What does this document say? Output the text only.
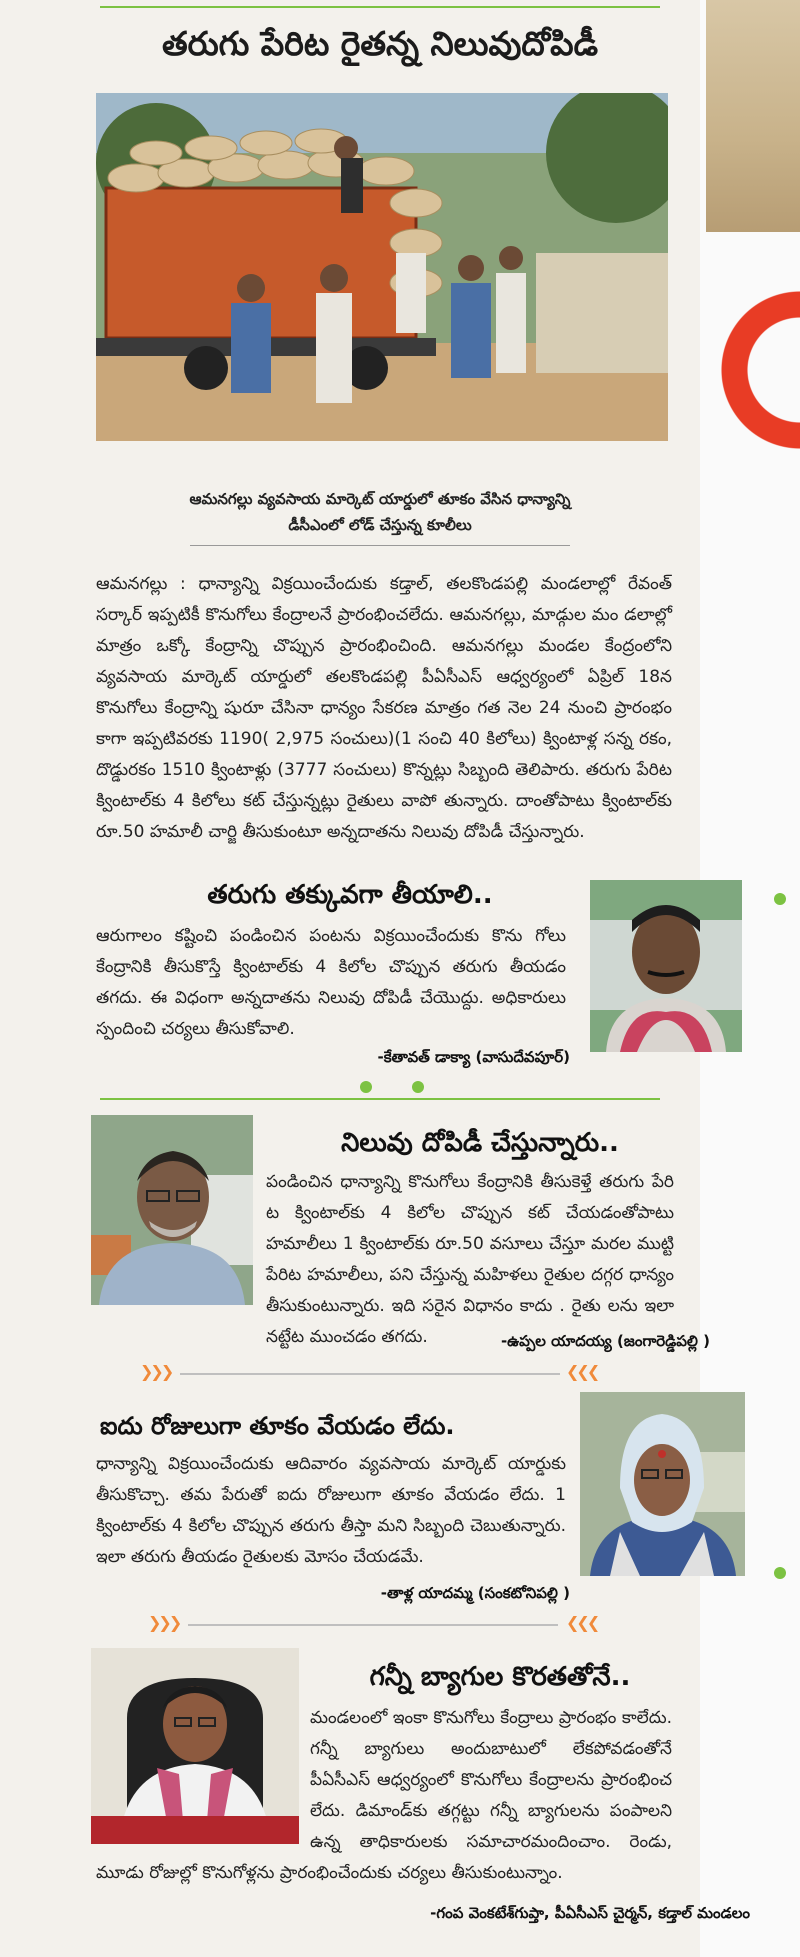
తరుగు పేరిట రైతన్న నిలువుదోపిడీ
ఆమనగల్లు వ్యవసాయ మార్కెట్ యార్డులో తూకం వేసిన ధాన్యాన్ని
డీసీఎంలో లోడ్ చేస్తున్న కూలీలు

ఆమనగల్లు : ధాన్యాన్ని విక్రయించేందుకు కడ్తాల్, తలకొండపల్లి మండలాల్లో రేవంత్ సర్కార్ ఇప్పటికీ కొనుగోలు కేంద్రాలనే ప్రారంభించలేదు. ఆమనగల్లు, మాడ్గుల మం డలాల్లో మాత్రం ఒక్కో కేంద్రాన్ని చొప్పున ప్రారంభించింది. ఆమనగల్లు మండల కేంద్రంలోని వ్యవసాయ మార్కెట్ యార్డులో తలకొండపల్లి పీఏసీఎస్ ఆధ్వర్యంలో ఏప్రిల్ 18న కొనుగోలు కేంద్రాన్ని షురూ చేసినా ధాన్యం సేకరణ మాత్రం గత నెల 24 నుంచి ప్రారంభం కాగా ఇప్పటివరకు 1190( 2,975 సంచులు)(1 సంచి 40 కిలోలు) క్వింటాళ్ల సన్న రకం, దొడ్డురకం 1510 క్వింటాళ్లు (3777 సంచులు) కొన్నట్లు సిబ్బంది తెలిపారు. తరుగు పేరిట క్వింటాల్‌కు 4 కిలోలు కట్ చేస్తున్నట్లు రైతులు వాపో తున్నారు. దాంతోపాటు క్వింటాల్‌కు రూ.50 హమాలీ చార్జి తీసుకుంటూ అన్నదాతను నిలువు దోపిడీ చేస్తున్నారు.

తరుగు తక్కువగా తీయాలి..

ఆరుగాలం కష్టించి పండించిన పంటను విక్రయించేందుకు కొను గోలు కేంద్రానికి తీసుకొస్తే క్వింటాల్‌కు 4 కిలోల చొప్పున తరుగు తీయడం తగదు. ఈ విధంగా అన్నదాతను నిలువు దోపిడీ చేయొద్దు. అధికారులు స్పందించి చర్యలు తీసుకోవాలి.

-కేతావత్ డాక్యా (వాసుదేవపూర్)
నిలువు దోపిడీ చేస్తున్నారు..

పండించిన ధాన్యాన్ని కొనుగోలు కేంద్రానికి తీసుకెళ్తే తరుగు పేరి ట క్వింటాల్‌కు 4 కిలోల చొప్పున కట్ చేయడంతోపాటు హమాలీలు 1 క్వింటాల్‌కు రూ.50 వసూలు చేస్తూ మరల ముట్టి పేరిట హమాలీలు, పని చేస్తున్న మహిళలు రైతుల దగ్గర ధాన్యం తీసుకుంటున్నారు. ఇది సరైన విధానం కాదు . రైతు లను ఇలా నట్టేట ముంచడం తగదు.	-ఉప్పల యాదయ్య (జంగారెడ్డిపల్లి )
❯❯❯	❮❮❮
ఐదు రోజులుగా తూకం వేయడం లేదు.

ధాన్యాన్ని విక్రయించేందుకు ఆదివారం వ్యవసాయ మార్కెట్ యార్డుకు తీసుకొచ్చా. తమ పేరుతో ఐదు రోజులుగా తూకం వేయడం లేదు. 1 క్వింటాల్‌కు 4 కిలోల చొప్పున తరుగు తీస్తా మని సిబ్బంది చెబుతున్నారు. ఇలా తరుగు తీయడం రైతులకు మోసం చేయడమే.

-తాళ్ల యాదమ్మ (సంకటోనిపల్లి )
❯❯❯	❮❮❮
గన్నీ బ్యాగుల కొరతతోనే..

మండలంలో ఇంకా కొనుగోలు కేంద్రాలు ప్రారంభం కాలేదు. గన్నీ బ్యాగులు అందుబాటులో లేకపోవడంతోనే పీఏసీఎస్ ఆధ్వర్యంలో కొనుగోలు కేంద్రాలను ప్రారంభించ లేదు. డిమాండ్‌కు తగ్గట్టు గన్నీ బ్యాగులను పంపాలని ఉన్న తాధికారులకు సమాచారమందించాం. రెండు, మూడు రోజుల్లో కొనుగోళ్లను ప్రారంభించేందుకు చర్యలు తీసుకుంటున్నాం.

-గంప వెంకటేశ్‌గుప్తా, పీఏసీఎస్ చైర్మన్, కడ్తాల్ మండలం
